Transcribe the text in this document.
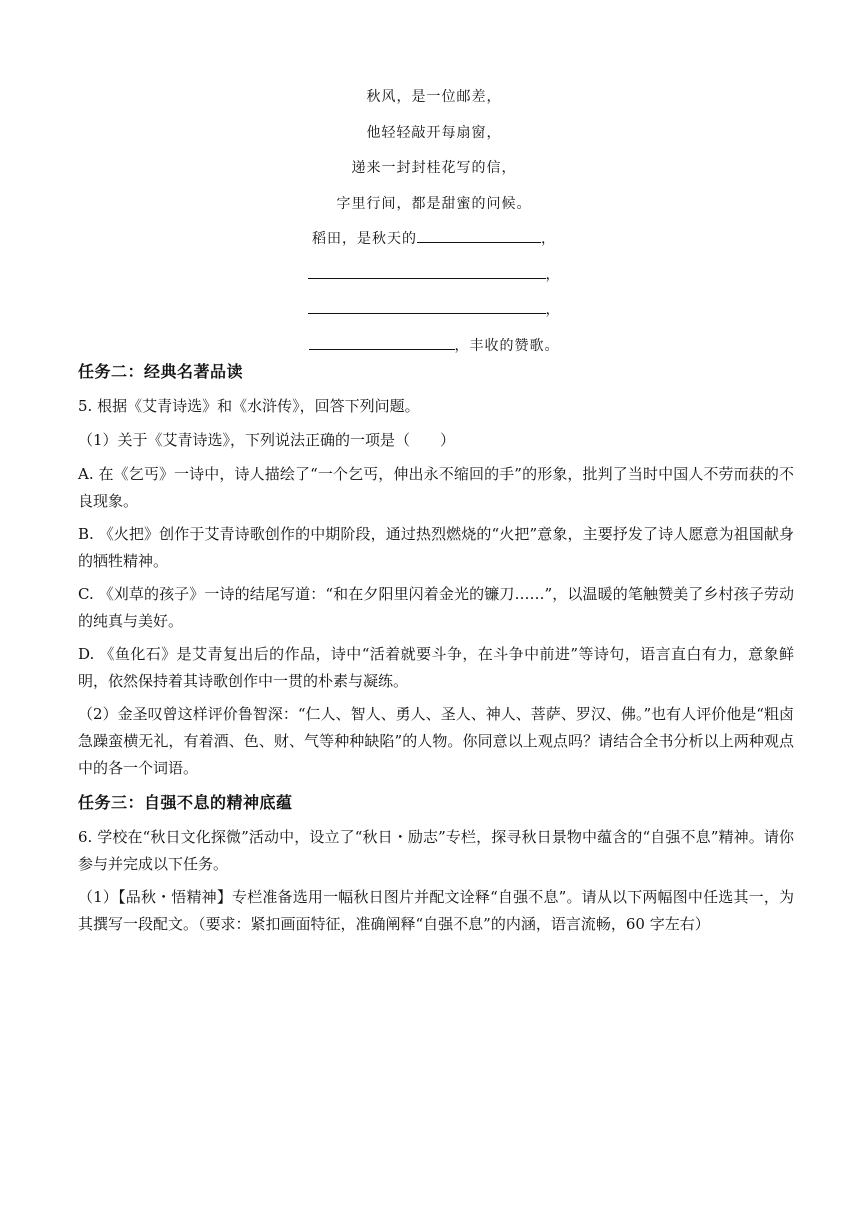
秋风，是一位邮差，
他轻轻敲开每扇窗，
递来一封封桂花写的信，
字里行间，都是甜蜜的问候。
稻田，是秋天的	，
，
，
，丰收的赞歌。
任务二：经典名著品读
5. 根据《艾青诗选》和《水浒传》，回答下列问题。
（1）关于《艾青诗选》，下列说法正确的一项是（　　）
A. 在《乞丐》一诗中，诗人描绘了“一个乞丐，伸出永不缩回的手”的形象，批判了当时中国人不劳而获的不良现象。
B. 《火把》创作于艾青诗歌创作的中期阶段，通过热烈燃烧的“火把”意象，主要抒发了诗人愿意为祖国献身的牺牲精神。
C. 《刈草的孩子》一诗的结尾写道：“和在夕阳里闪着金光的镰刀……”，以温暖的笔触赞美了乡村孩子劳动的纯真与美好。
D. 《鱼化石》是艾青复出后的作品，诗中“活着就要斗争，在斗争中前进”等诗句，语言直白有力，意象鲜明，依然保持着其诗歌创作中一贯的朴素与凝练。
（2）金圣叹曾这样评价鲁智深：“仁人、智人、勇人、圣人、神人、菩萨、罗汉、佛。”也有人评价他是“粗卤急躁蛮横无礼，有着酒、色、财、气等种种缺陷”的人物。你同意以上观点吗？请结合全书分析以上两种观点中的各一个词语。
任务三：自强不息的精神底蕴
6. 学校在“秋日文化探微”活动中，设立了“秋日・励志”专栏，探寻秋日景物中蕴含的“自强不息”精神。请你参与并完成以下任务。
（1）【品秋・悟精神】专栏准备选用一幅秋日图片并配文诠释“自强不息”。请从以下两幅图中任选其一，为其撰写一段配文。（要求：紧扣画面特征，准确阐释“自强不息”的内涵，语言流畅，60 字左右）
